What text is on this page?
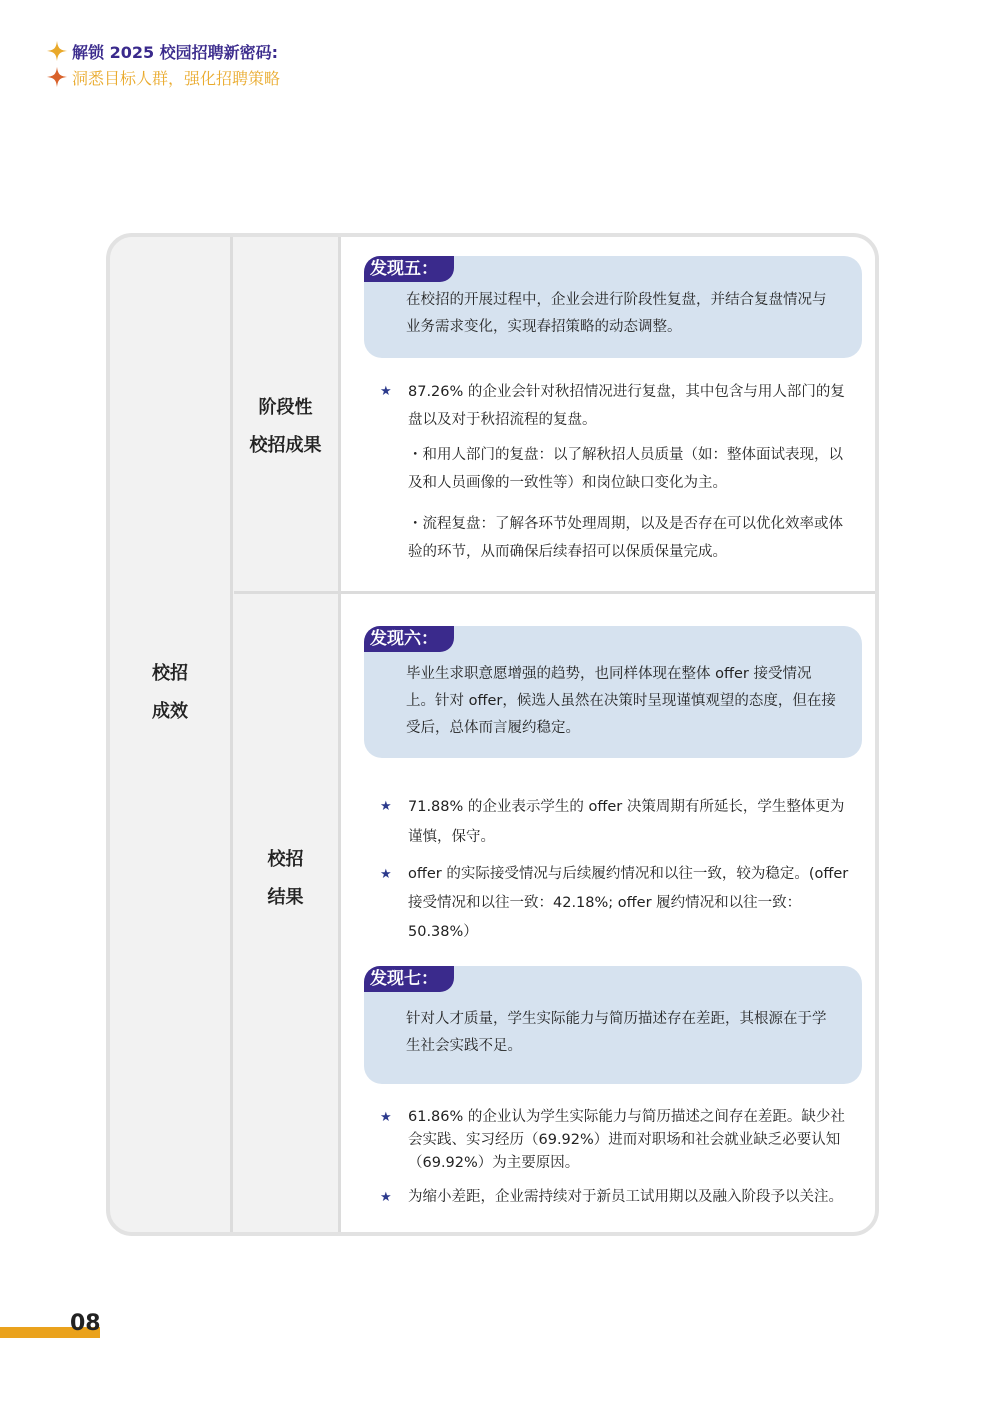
解锁 2025 校园招聘新密码:
洞悉目标人群，强化招聘策略
校招
成效
阶段性
校招成果
校招
结果
发现五：
在校招的开展过程中，企业会进行阶段性复盘，并结合复盘情况与业务需求变化，实现春招策略的动态调整。
★ 87.26% 的企业会针对秋招情况进行复盘，其中包含与用人部门的复盘以及对于秋招流程的复盘。
・和用人部门的复盘：以了解秋招人员质量（如：整体面试表现，以及和人员画像的一致性等）和岗位缺口变化为主。
・流程复盘：了解各环节处理周期，以及是否存在可以优化效率或体验的环节，从而确保后续春招可以保质保量完成。
发现六：
毕业生求职意愿增强的趋势，也同样体现在整体 offer 接受情况上。针对 offer，候选人虽然在决策时呈现谨慎观望的态度，但在接受后，总体而言履约稳定。
★ 71.88% 的企业表示学生的 offer 决策周期有所延长，学生整体更为谨慎，保守。
★ offer 的实际接受情况与后续履约情况和以往一致，较为稳定。(offer 接受情况和以往一致：42.18%; offer 履约情况和以往一致：50.38%）
发现七：
针对人才质量，学生实际能力与简历描述存在差距，其根源在于学生社会实践不足。
★ 61.86% 的企业认为学生实际能力与简历描述之间存在差距。缺少社会实践、实习经历（69.92%）进而对职场和社会就业缺乏必要认知（69.92%）为主要原因。
★ 为缩小差距，企业需持续对于新员工试用期以及融入阶段予以关注。
08
